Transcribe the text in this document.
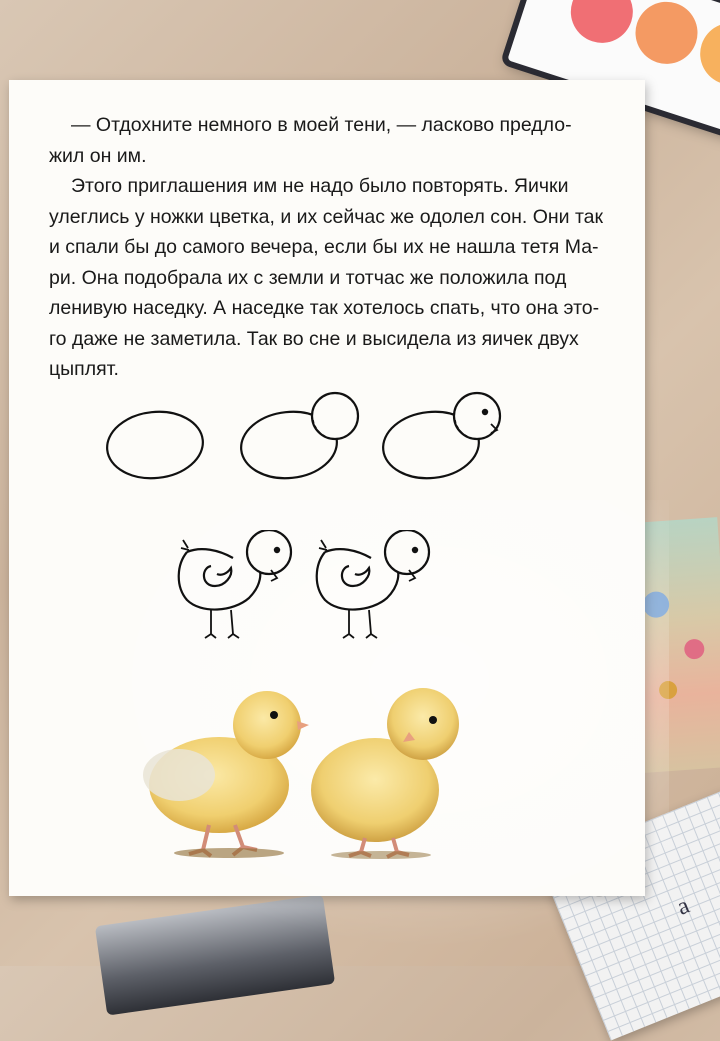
a

— Отдохните немного в моей тени, — ласково предло-
жил он им.

Этого приглашения им не надо было повторять. Яички
улеглись у ножки цветка, и их сейчас же одолел сон. Они так
и спали бы до самого вечера, если бы их не нашла тетя Ма-
ри. Она подобрала их с земли и тотчас же положила под
ленивую наседку. А наседке так хотелось спать, что она это-
го даже не заметила. Так во сне и высидела из яичек двух
цыплят.
